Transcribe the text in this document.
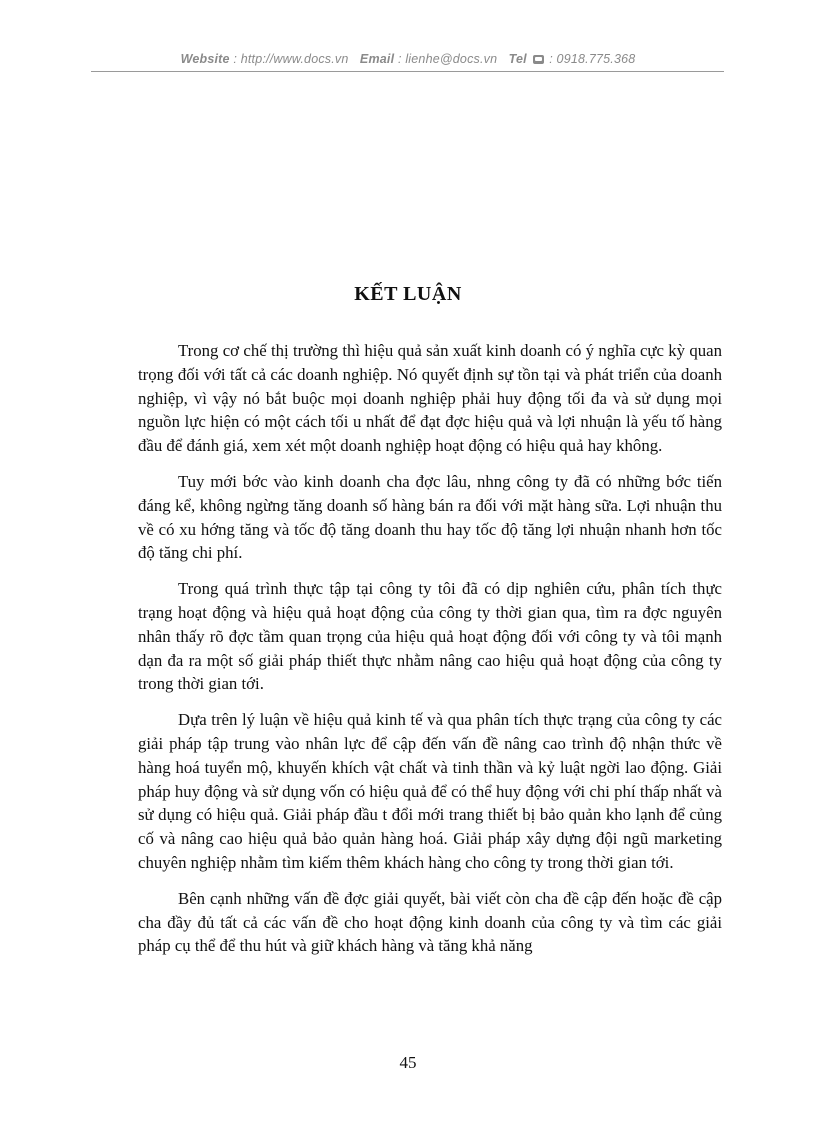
Website : http://www.docs.vn Email : lienhe@docs.vn Tel : 0918.775.368
KẾT LUẬN

Trong cơ chế thị trường thì hiệu quả sản xuất kinh doanh có ý nghĩa cực kỳ quan trọng đối với tất cả các doanh nghiệp. Nó quyết định sự tồn tại và phát triển của doanh nghiệp, vì vậy nó bắt buộc mọi doanh nghiệp phải huy động tối đa và sử dụng mọi nguồn lực hiện có một cách tối u nhất để đạt đợc hiệu quả và lợi nhuận là yếu tố hàng đầu để đánh giá, xem xét một doanh nghiệp hoạt động có hiệu quả hay không.

Tuy mới bớc vào kinh doanh cha đợc lâu, nhng công ty đã có những bớc tiến đáng kể, không ngừng tăng doanh số hàng bán ra đối với mặt hàng sữa. Lợi nhuận thu về có xu hớng tăng và tốc độ tăng doanh thu hay tốc độ tăng lợi nhuận nhanh hơn tốc độ tăng chi phí.

Trong quá trình thực tập tại công ty tôi đã có dịp nghiên cứu, phân tích thực trạng hoạt động và hiệu quả hoạt động của công ty thời gian qua, tìm ra đợc nguyên nhân thấy rõ đợc tầm quan trọng của hiệu quả hoạt động đối với công ty và tôi mạnh dạn đa ra một số giải pháp thiết thực nhằm nâng cao hiệu quả hoạt động của công ty trong thời gian tới.

Dựa trên lý luận về hiệu quả kinh tế và qua phân tích thực trạng của công ty các giải pháp tập trung vào nhân lực để cập đến vấn đề nâng cao trình độ nhận thức về hàng hoá tuyển mộ, khuyến khích vật chất và tinh thần và kỷ luật ngời lao động. Giải pháp huy động và sử dụng vốn có hiệu quả để có thể huy động với chi phí thấp nhất và sử dụng có hiệu quả. Giải pháp đầu t đổi mới trang thiết bị bảo quản kho lạnh để củng cố và nâng cao hiệu quả bảo quản hàng hoá. Giải pháp xây dựng đội ngũ marketing chuyên nghiệp nhằm tìm kiếm thêm khách hàng cho công ty trong thời gian tới.

Bên cạnh những vấn đề đợc giải quyết, bài viết còn cha đề cập đến hoặc đề cập cha đầy đủ tất cả các vấn đề cho hoạt động kinh doanh của công ty và tìm các giải pháp cụ thể để thu hút và giữ khách hàng và tăng khả năng

45
